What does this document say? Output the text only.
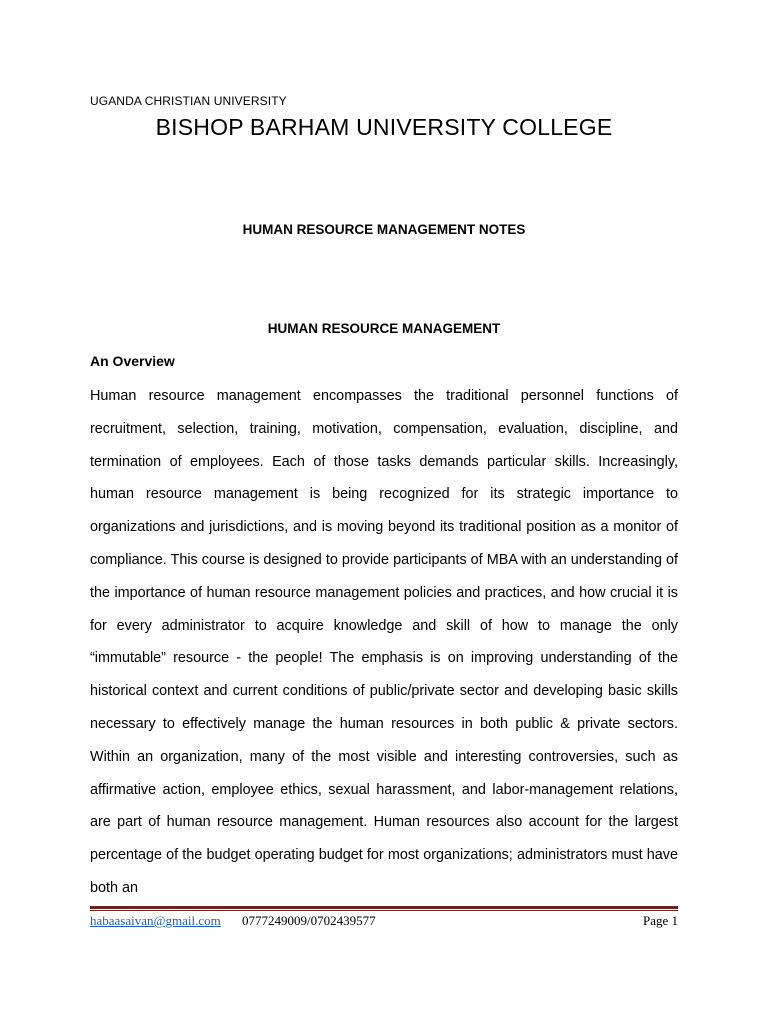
UGANDA CHRISTIAN UNIVERSITY
BISHOP BARHAM UNIVERSITY COLLEGE
HUMAN RESOURCE MANAGEMENT NOTES
HUMAN RESOURCE MANAGEMENT
An Overview
Human resource management encompasses the traditional personnel functions of recruitment, selection, training, motivation, compensation, evaluation, discipline, and termination of employees. Each of those tasks demands particular skills. Increasingly, human resource management is being recognized for its strategic importance to organizations and jurisdictions, and is moving beyond its traditional position as a monitor of compliance. This course is designed to provide participants of MBA with an understanding of the importance of human resource management policies and practices, and how crucial it is for every administrator to acquire knowledge and skill of how to manage the only “immutable” resource - the people! The emphasis is on improving understanding of the historical context and current conditions of public/private sector and developing basic skills necessary to effectively manage the human resources in both public & private sectors. Within an organization, many of the most visible and interesting controversies, such as affirmative action, employee ethics, sexual harassment, and labor-management relations, are part of human resource management. Human resources also account for the largest percentage of the budget operating budget for most organizations; administrators must have both an
habaasaivan@gmail.com 0777249009/0702439577	Page 1
